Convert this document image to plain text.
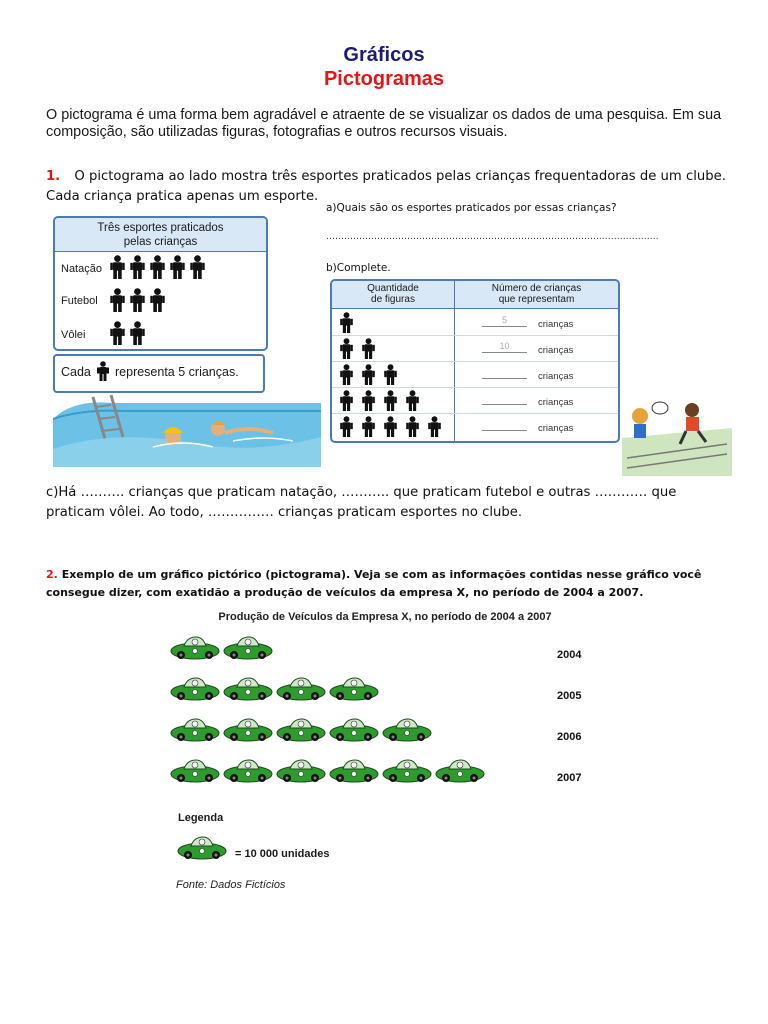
Gráficos
Pictogramas
O pictograma é uma forma bem agradável e atraente de se visualizar os dados de uma pesquisa. Em sua composição, são utilizadas figuras, fotografias e outros recursos visuais.
1. O pictograma ao lado mostra três esportes praticados pelas crianças frequentadoras de um clube. Cada criança pratica apenas um esporte.
Três esportes praticados
pelas crianças
Natação
Futebol
Vôlei
Cada representa 5 crianças.
a)Quais são os esportes praticados por essas crianças?
………………………………………………………………………………..……………….
b)Complete.
Quantidade
de figuras
Número de crianças
que representam
5	crianças
10	crianças
crianças
crianças
crianças
c)Há ………. crianças que praticam natação, ……….. que praticam futebol e outras ………… que
praticam vôlei. Ao todo, …………… crianças praticam esportes no clube.
2. Exemplo de um gráfico pictórico (pictograma). Veja se com as informações contidas nesse gráfico você consegue dizer, com exatidão a produção de veículos da empresa X, no período de 2004 a 2007.
Produção de Veículos da Empresa X, no período de 2004 a 2007
2004
2005
2006
2007
Legenda
= 10 000 unidades
Fonte: Dados Fictícios
